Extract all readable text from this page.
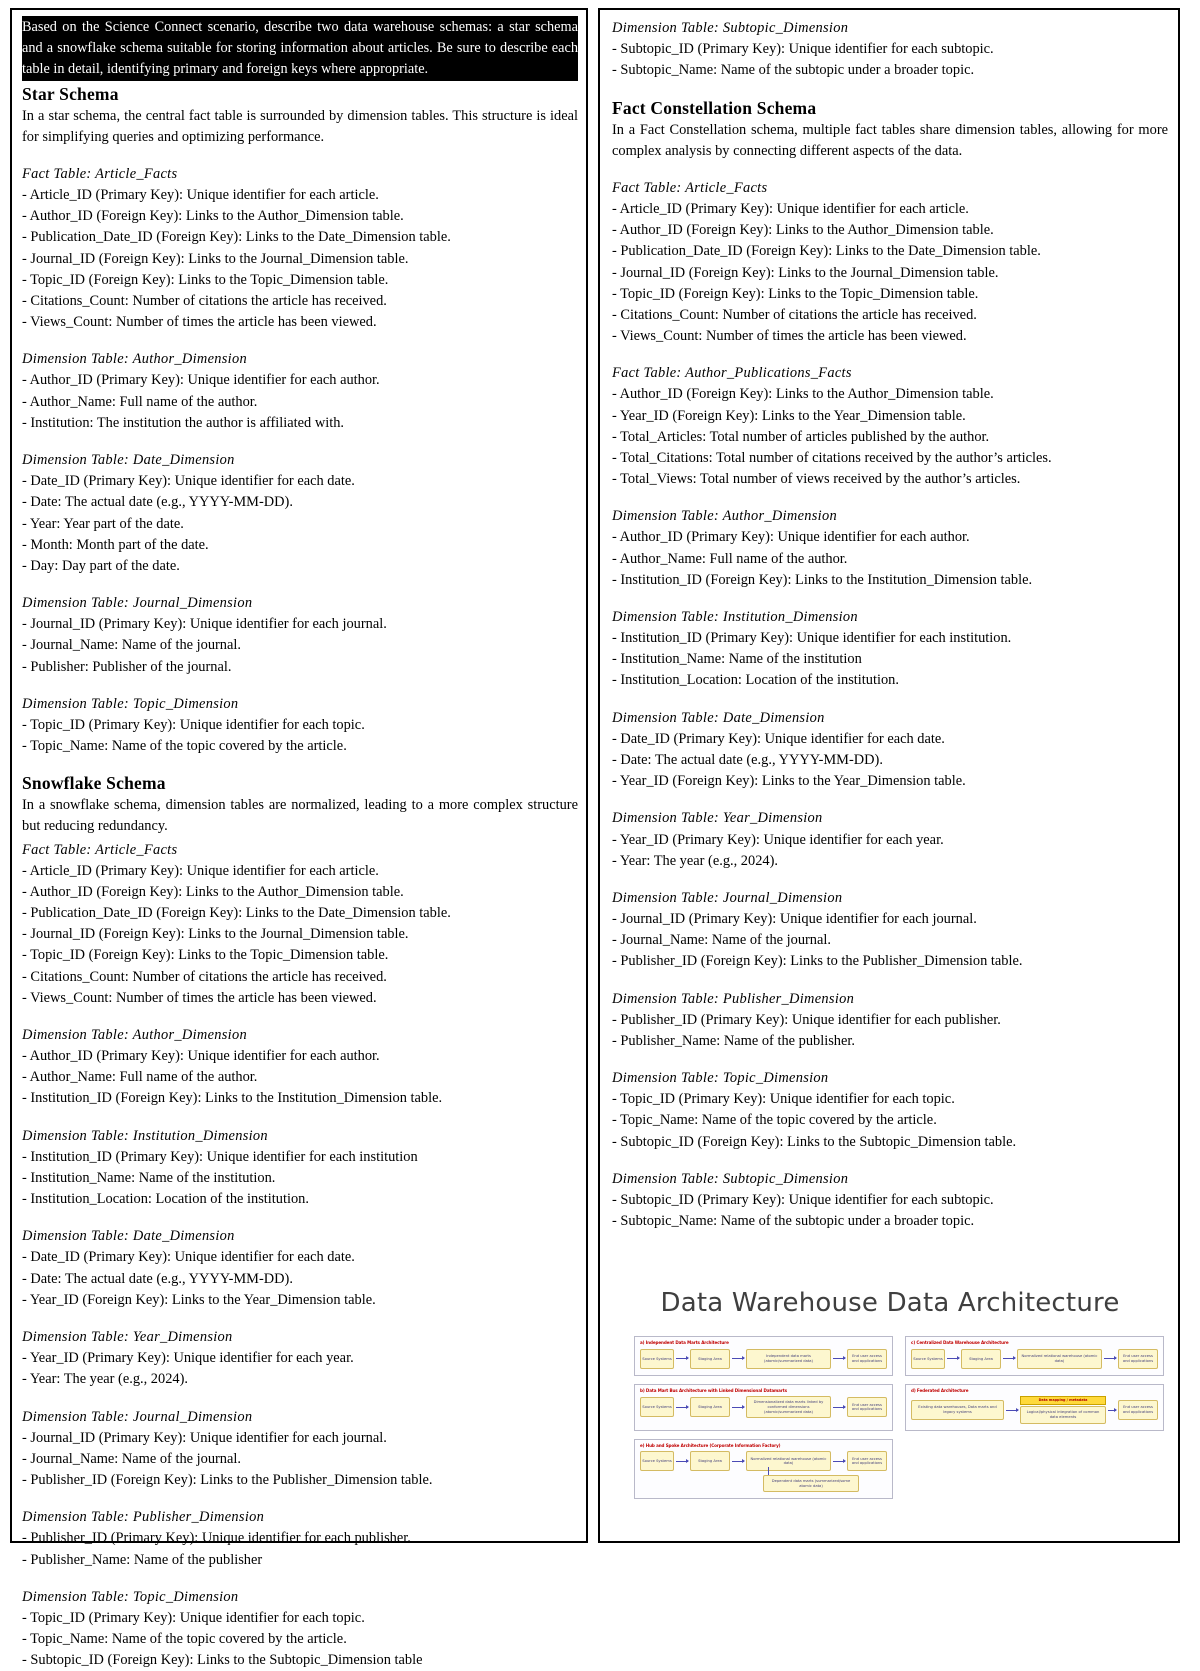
Based on the Science Connect scenario, describe two data warehouse schemas: a star schema and a snowflake schema suitable for storing information about articles. Be sure to describe each table in detail, identifying primary and foreign keys where appropriate.
Star Schema

In a star schema, the central fact table is surrounded by dimension tables. This structure is ideal for simplifying queries and optimizing performance.

Fact Table: Article_Facts
- Article_ID (Primary Key): Unique identifier for each article.
- Author_ID (Foreign Key): Links to the Author_Dimension table.
- Publication_Date_ID (Foreign Key): Links to the Date_Dimension table.
- Journal_ID (Foreign Key): Links to the Journal_Dimension table.
- Topic_ID (Foreign Key): Links to the Topic_Dimension table.
- Citations_Count: Number of citations the article has received.
- Views_Count: Number of times the article has been viewed.
Dimension Table: Author_Dimension
- Author_ID (Primary Key): Unique identifier for each author.
- Author_Name: Full name of the author.
- Institution: The institution the author is affiliated with.
Dimension Table: Date_Dimension
- Date_ID (Primary Key): Unique identifier for each date.
- Date: The actual date (e.g., YYYY-MM-DD).
- Year: Year part of the date.
- Month: Month part of the date.
- Day: Day part of the date.
Dimension Table: Journal_Dimension
- Journal_ID (Primary Key): Unique identifier for each journal.
- Journal_Name: Name of the journal.
- Publisher: Publisher of the journal.
Dimension Table: Topic_Dimension
- Topic_ID (Primary Key): Unique identifier for each topic.
- Topic_Name: Name of the topic covered by the article.
Snowflake Schema

In a snowflake schema, dimension tables are normalized, leading to a more complex structure but reducing redundancy.

Fact Table: Article_Facts
- Article_ID (Primary Key): Unique identifier for each article.
- Author_ID (Foreign Key): Links to the Author_Dimension table.
- Publication_Date_ID (Foreign Key): Links to the Date_Dimension table.
- Journal_ID (Foreign Key): Links to the Journal_Dimension table.
- Topic_ID (Foreign Key): Links to the Topic_Dimension table.
- Citations_Count: Number of citations the article has received.
- Views_Count: Number of times the article has been viewed.
Dimension Table: Author_Dimension
- Author_ID (Primary Key): Unique identifier for each author.
- Author_Name: Full name of the author.
- Institution_ID (Foreign Key): Links to the Institution_Dimension table.
Dimension Table: Institution_Dimension
- Institution_ID (Primary Key): Unique identifier for each institution
- Institution_Name: Name of the institution.
- Institution_Location: Location of the institution.
Dimension Table: Date_Dimension
- Date_ID (Primary Key): Unique identifier for each date.
- Date: The actual date (e.g., YYYY-MM-DD).
- Year_ID (Foreign Key): Links to the Year_Dimension table.
Dimension Table: Year_Dimension
- Year_ID (Primary Key): Unique identifier for each year.
- Year: The year (e.g., 2024).
Dimension Table: Journal_Dimension
- Journal_ID (Primary Key): Unique identifier for each journal.
- Journal_Name: Name of the journal.
- Publisher_ID (Foreign Key): Links to the Publisher_Dimension table.
Dimension Table: Publisher_Dimension
- Publisher_ID (Primary Key): Unique identifier for each publisher.
- Publisher_Name: Name of the publisher
Dimension Table: Topic_Dimension
- Topic_ID (Primary Key): Unique identifier for each topic.
- Topic_Name: Name of the topic covered by the article.
- Subtopic_ID (Foreign Key): Links to the Subtopic_Dimension table
Dimension Table: Subtopic_Dimension
- Subtopic_ID (Primary Key): Unique identifier for each subtopic.
- Subtopic_Name: Name of the subtopic under a broader topic.
Fact Constellation Schema

In a Fact Constellation schema, multiple fact tables share dimension tables, allowing for more complex analysis by connecting different aspects of the data.

Fact Table: Article_Facts
- Article_ID (Primary Key): Unique identifier for each article.
- Author_ID (Foreign Key): Links to the Author_Dimension table.
- Publication_Date_ID (Foreign Key): Links to the Date_Dimension table.
- Journal_ID (Foreign Key): Links to the Journal_Dimension table.
- Topic_ID (Foreign Key): Links to the Topic_Dimension table.
- Citations_Count: Number of citations the article has received.
- Views_Count: Number of times the article has been viewed.
Fact Table: Author_Publications_Facts
- Author_ID (Foreign Key): Links to the Author_Dimension table.
- Year_ID (Foreign Key): Links to the Year_Dimension table.
- Total_Articles: Total number of articles published by the author.
- Total_Citations: Total number of citations received by the author’s articles.
- Total_Views: Total number of views received by the author’s articles.
Dimension Table: Author_Dimension
- Author_ID (Primary Key): Unique identifier for each author.
- Author_Name: Full name of the author.
- Institution_ID (Foreign Key): Links to the Institution_Dimension table.
Dimension Table: Institution_Dimension
- Institution_ID (Primary Key): Unique identifier for each institution.
- Institution_Name: Name of the institution
- Institution_Location: Location of the institution.
Dimension Table: Date_Dimension
- Date_ID (Primary Key): Unique identifier for each date.
- Date: The actual date (e.g., YYYY-MM-DD).
- Year_ID (Foreign Key): Links to the Year_Dimension table.
Dimension Table: Year_Dimension
- Year_ID (Primary Key): Unique identifier for each year.
- Year: The year (e.g., 2024).
Dimension Table: Journal_Dimension
- Journal_ID (Primary Key): Unique identifier for each journal.
- Journal_Name: Name of the journal.
- Publisher_ID (Foreign Key): Links to the Publisher_Dimension table.
Dimension Table: Publisher_Dimension
- Publisher_ID (Primary Key): Unique identifier for each publisher.
- Publisher_Name: Name of the publisher.
Dimension Table: Topic_Dimension
- Topic_ID (Primary Key): Unique identifier for each topic.
- Topic_Name: Name of the topic covered by the article.
- Subtopic_ID (Foreign Key): Links to the Subtopic_Dimension table.
Dimension Table: Subtopic_Dimension
- Subtopic_ID (Primary Key): Unique identifier for each subtopic.
- Subtopic_Name: Name of the subtopic under a broader topic.
Data Warehouse Data Architecture
a) Independent Data Marts Architecture
Source Systems	Staging Area
Independent data marts (atomic/summarized data)
End user access and applications
c) Centralized Data Warehouse Architecture
Source Systems	Staging Area
Normalized relational warehouse (atomic data)
End user access and applications
b) Data Mart Bus Architecture with Linked Dimensional Datamarts
Source Systems	Staging Area
Dimensionalized data marts linked by conformed dimensions (atomic/summarized data)
End user access and applications
d) Federated Architecture
Existing data warehouses, Data marts and legacy systems
Data mapping / metadata
Logical/physical integration of common data elements
End user access and applications
e) Hub and Spoke Architecture (Corporate Information Factory)
Source Systems	Staging Area
Normalized relational warehouse (atomic data)
End user access and applications
Dependent data marts (summarized/some atomic data)
